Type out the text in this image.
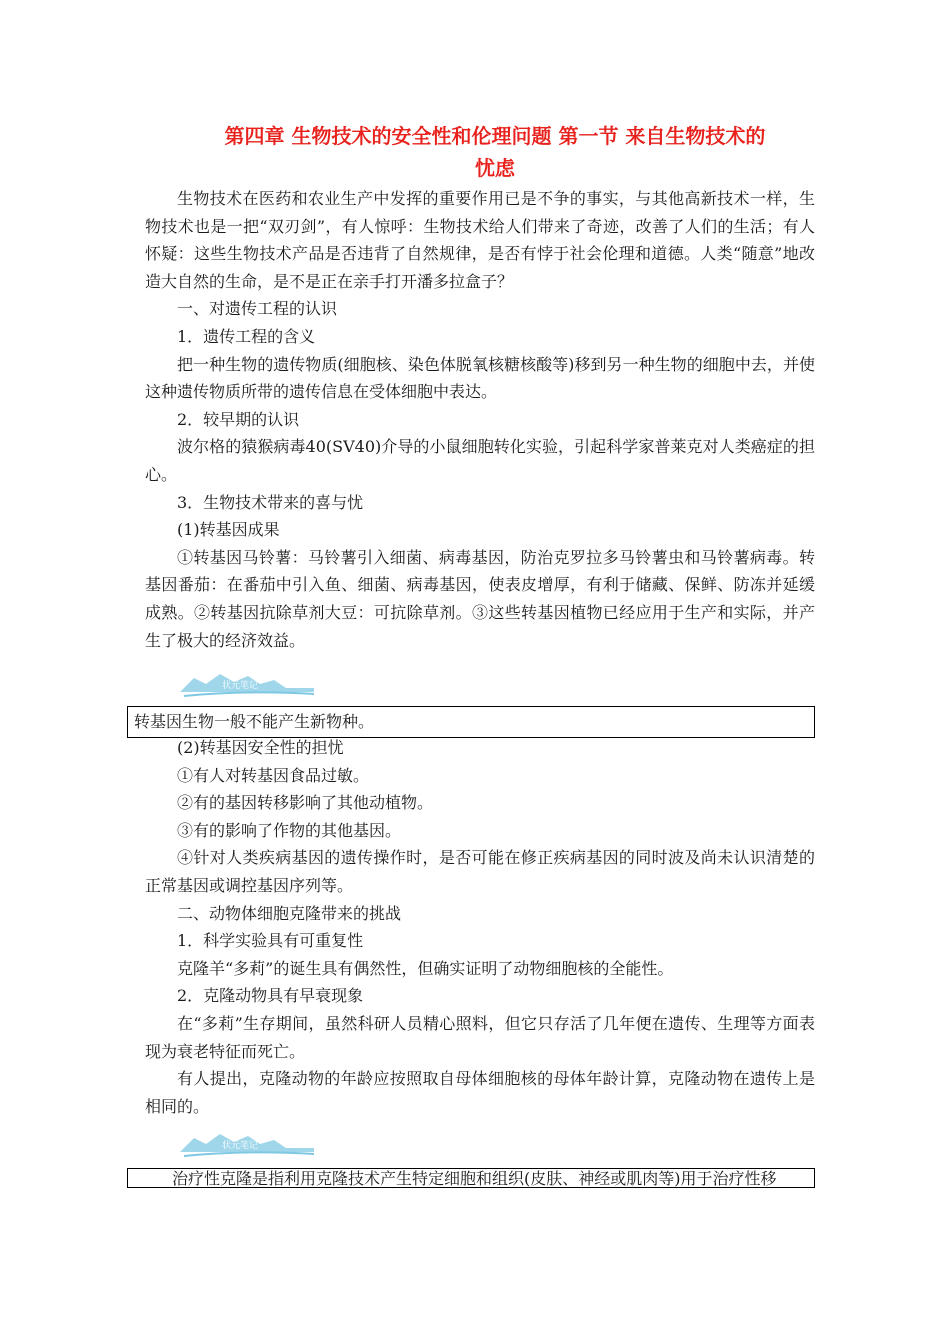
第四章 生物技术的安全性和伦理问题 第一节 来自生物技术的
忧虑

生物技术在医药和农业生产中发挥的重要作用已是不争的事实，与其他高新技术一样，生物技术也是一把“双刃剑”，有人惊呼：生物技术给人们带来了奇迹，改善了人们的生活；有人怀疑：这些生物技术产品是否违背了自然规律，是否有悖于社会伦理和道德。人类“随意”地改造大自然的生命，是不是正在亲手打开潘多拉盒子？

一、对遗传工程的认识

1．遗传工程的含义

把一种生物的遗传物质(细胞核、染色体脱氧核糖核酸等)移到另一种生物的细胞中去，并使这种遗传物质所带的遗传信息在受体细胞中表达。

2．较早期的认识

波尔格的猿猴病毒40(SV40)介导的小鼠细胞转化实验，引起科学家普莱克对人类癌症的担心。

3．生物技术带来的喜与忧

(1)转基因成果

①转基因马铃薯：马铃薯引入细菌、病毒基因，防治克罗拉多马铃薯虫和马铃薯病毒。转基因番茄：在番茄中引入鱼、细菌、病毒基因，使表皮增厚，有利于储藏、保鲜、防冻并延缓成熟。②转基因抗除草剂大豆：可抗除草剂。③这些转基因植物已经应用于生产和实际，并产生了极大的经济效益。

状元笔记
转基因生物一般不能产生新物种。

(2)转基因安全性的担忧

①有人对转基因食品过敏。

②有的基因转移影响了其他动植物。

③有的影响了作物的其他基因。

④针对人类疾病基因的遗传操作时，是否可能在修正疾病基因的同时波及尚未认识清楚的正常基因或调控基因序列等。

二、动物体细胞克隆带来的挑战

1．科学实验具有可重复性

克隆羊“多莉”的诞生具有偶然性，但确实证明了动物细胞核的全能性。

2．克隆动物具有早衰现象

在“多莉”生存期间，虽然科研人员精心照料，但它只存活了几年便在遗传、生理等方面表现为衰老特征而死亡。

有人提出，克隆动物的年龄应按照取自母体细胞核的母体年龄计算，克隆动物在遗传上是相同的。

状元笔记
治疗性克隆是指利用克隆技术产生特定细胞和组织(皮肤、神经或肌肉等)用于治疗性移
